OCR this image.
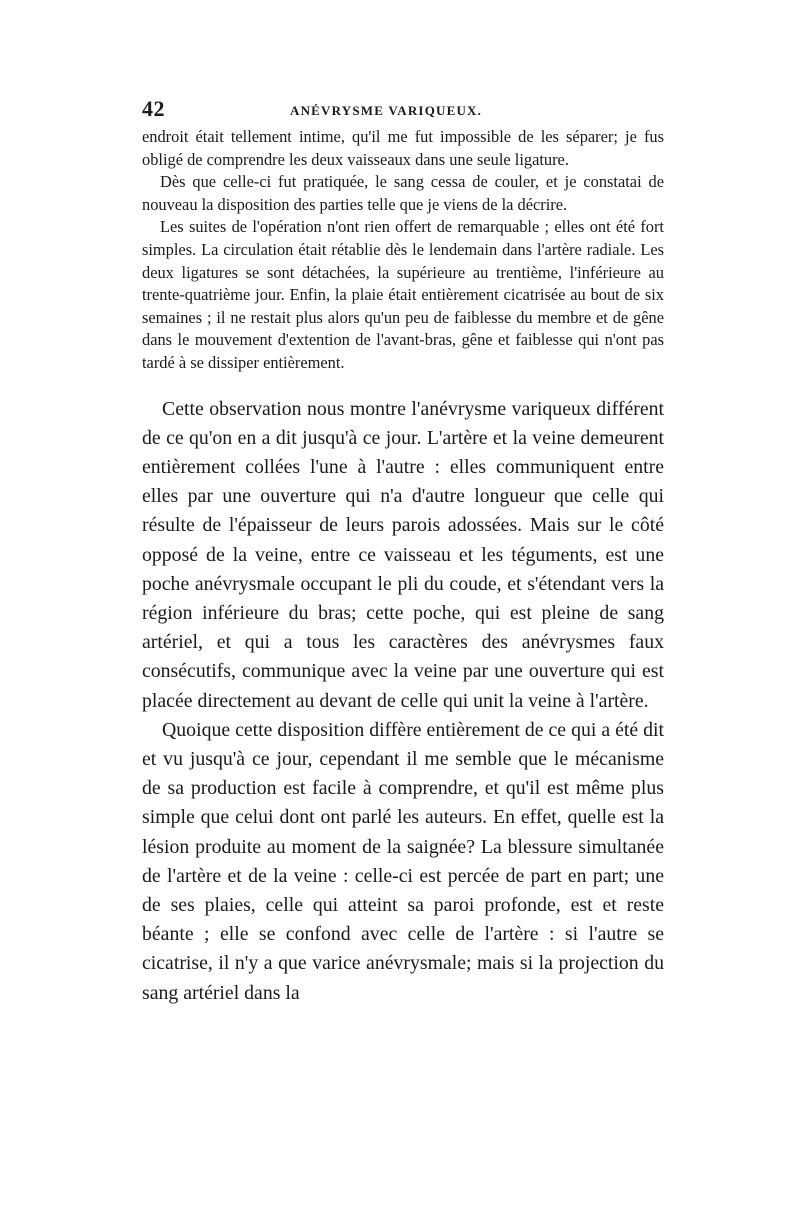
42	ANÉVRYSME VARIQUEUX.

endroit était tellement intime, qu'il me fut impossible de les séparer; je fus obligé de comprendre les deux vaisseaux dans une seule ligature.

Dès que celle-ci fut pratiquée, le sang cessa de couler, et je constatai de nouveau la disposition des parties telle que je viens de la décrire.

Les suites de l'opération n'ont rien offert de remarquable ; elles ont été fort simples. La circulation était rétablie dès le lendemain dans l'artère radiale. Les deux ligatures se sont détachées, la supérieure au trentième, l'inférieure au trente-quatrième jour. Enfin, la plaie était entièrement cicatrisée au bout de six semaines ; il ne restait plus alors qu'un peu de faiblesse du membre et de gêne dans le mouvement d'extention de l'avant-bras, gêne et faiblesse qui n'ont pas tardé à se dissiper entièrement.

Cette observation nous montre l'anévrysme variqueux différent de ce qu'on en a dit jusqu'à ce jour. L'artère et la veine demeurent entièrement collées l'une à l'autre : elles communiquent entre elles par une ouverture qui n'a d'autre longueur que celle qui résulte de l'épaisseur de leurs parois adossées. Mais sur le côté opposé de la veine, entre ce vaisseau et les téguments, est une poche anévrysmale occupant le pli du coude, et s'étendant vers la région inférieure du bras; cette poche, qui est pleine de sang artériel, et qui a tous les caractères des anévrysmes faux consécutifs, communique avec la veine par une ouverture qui est placée directement au devant de celle qui unit la veine à l'artère.

Quoique cette disposition diffère entièrement de ce qui a été dit et vu jusqu'à ce jour, cependant il me semble que le mécanisme de sa production est facile à comprendre, et qu'il est même plus simple que celui dont ont parlé les auteurs. En effet, quelle est la lésion produite au moment de la saignée? La blessure simultanée de l'artère et de la veine : celle-ci est percée de part en part; une de ses plaies, celle qui atteint sa paroi profonde, est et reste béante ; elle se confond avec celle de l'artère : si l'autre se cicatrise, il n'y a que varice anévrysmale; mais si la projection du sang artériel dans la
